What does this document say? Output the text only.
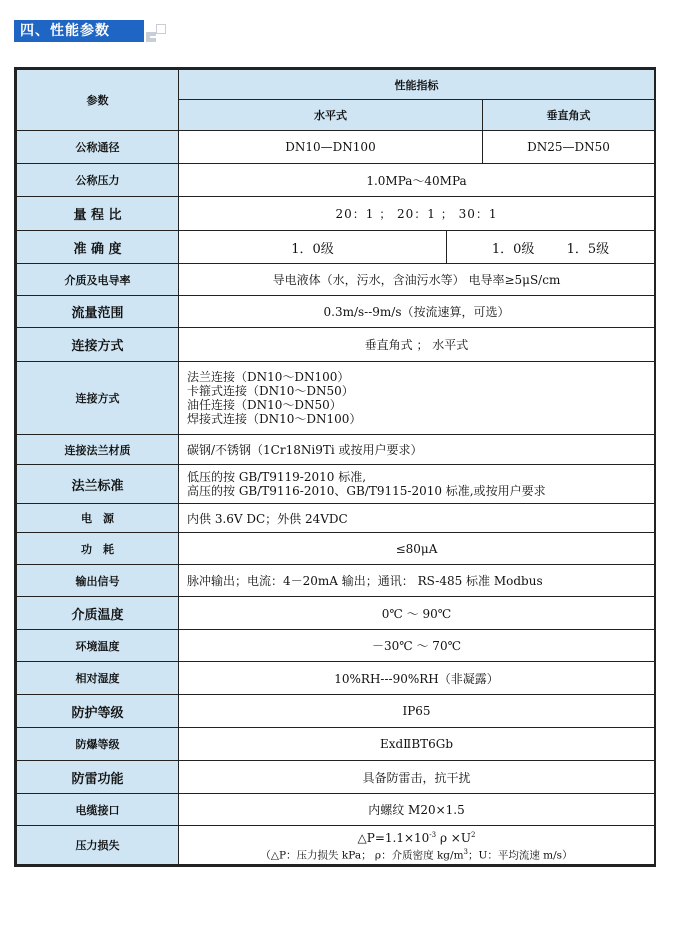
四、性能参数
参数	性能指标		
	水平式		垂直角式
公称通径	DN10—DN100		DN25—DN50
公称压力	1.0MPa～40MPa		
量 程 比	20：1 ； 20：1 ； 30：1		
准 确 度	1．0级	1．0级 1．5级	
介质及电导率	导电液体（水，污水，含油污水等） 电导率≥5μS/cm		
流量范围	0.3m/s--9m/s（按流速算，可选）		
连接方式	垂直角式 ； 水平式		
连接方式	法兰连接（DN10～DN100）
卡箍式连接（DN10～DN50）
油任连接（DN10～DN50）
焊接式连接（DN10～DN100）		

连接法兰材质	碳钢/不锈钢（1Cr18Ni9Ti 或按用户要求）		
法兰标准	低压的按 GB/T9119-2010 标准,
高压的按 GB/T9116-2010、GB/T9115-2010 标准,或按用户要求		

电　源	内供 3.6V DC；外供 24VDC		
功　耗	≤80μA		
输出信号	脉冲输出；电流：4－20mA 输出；通讯： RS-485 标准 Modbus		
介质温度	0℃ ～ 90℃		
环境温度	－30℃ ～ 70℃		
相对湿度	10%RH---90%RH（非凝露）		
防护等级	IP65		
防爆等级	ExdⅡBT6Gb		
防雷功能	具备防雷击，抗干扰		
电缆接口	内螺纹 M20×1.5		
压力损失	$\triangle P=1.1\times 10^{-3}$ $\rho \times U^2$
（△P：压力损失 kPa； ρ：介质密度 $kg/m^3$；U：平均流速 m/s）		
